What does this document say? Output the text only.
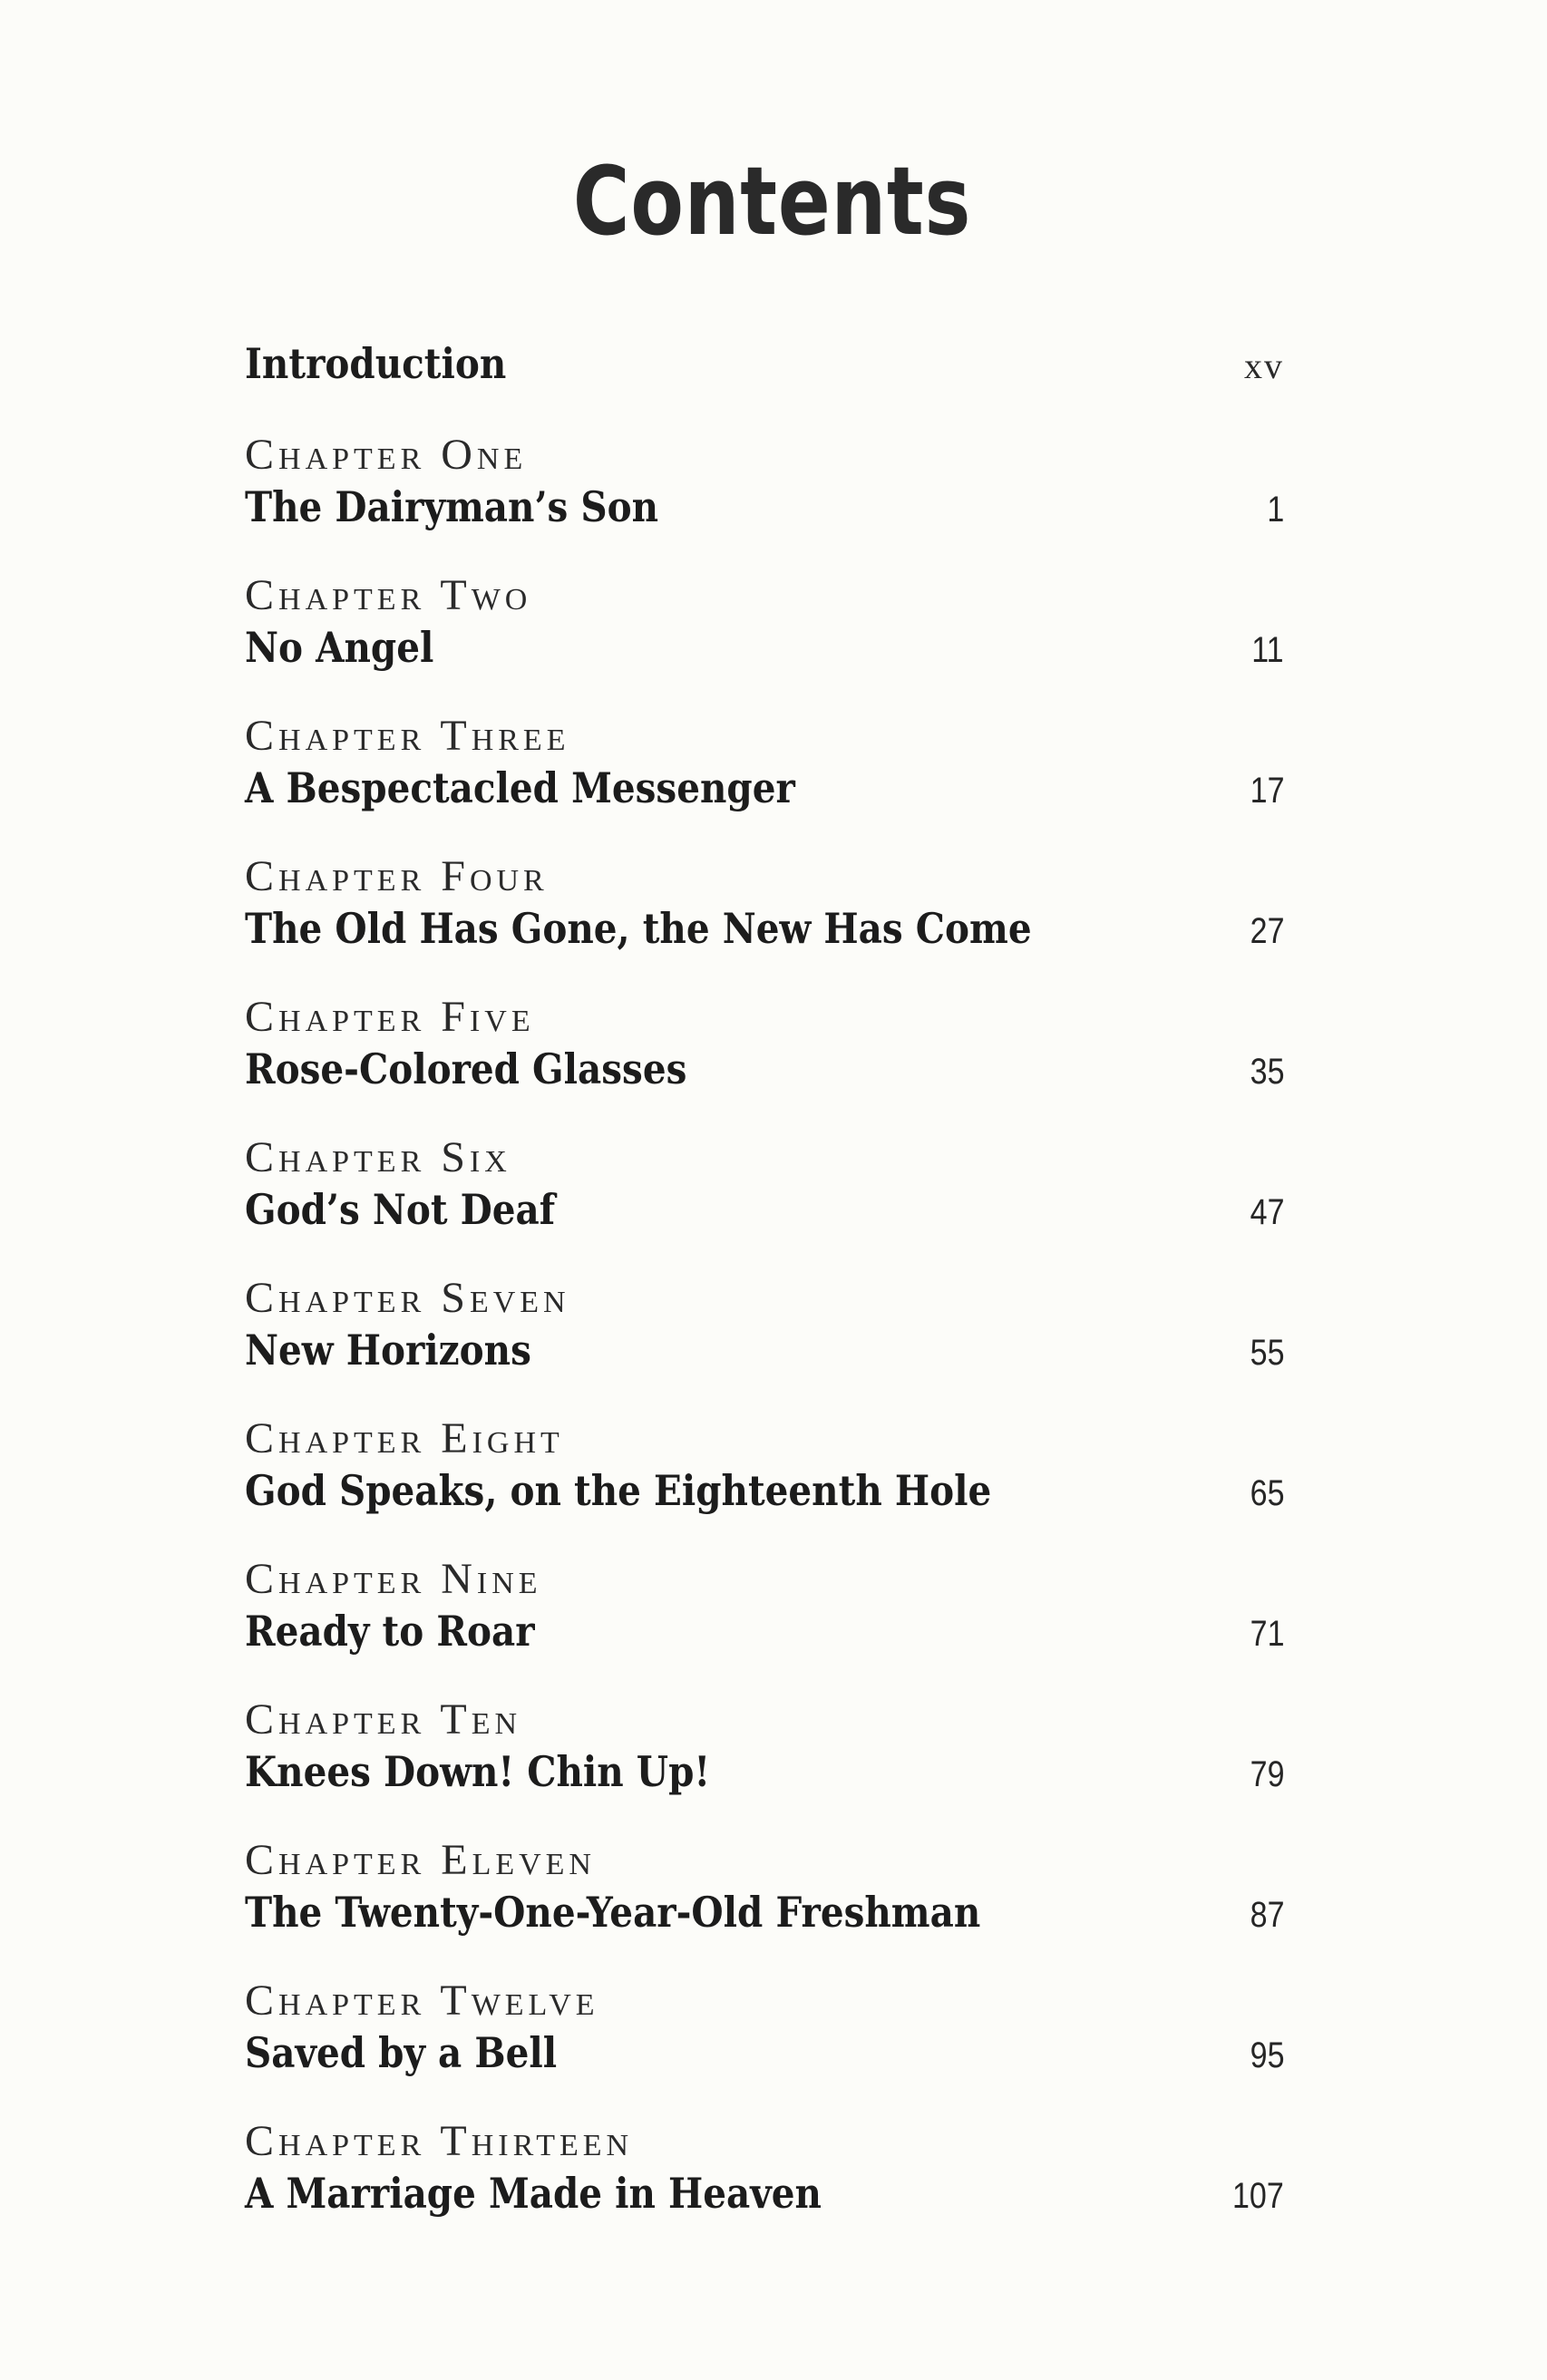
Contents
Introduction	xv
Chapter One
The Dairyman’s Son	1
Chapter Two
No Angel	11
Chapter Three
A Bespectacled Messenger	17
Chapter Four
The Old Has Gone, the New Has Come	27
Chapter Five
Rose-Colored Glasses	35
Chapter Six
God’s Not Deaf	47
Chapter Seven
New Horizons	55
Chapter Eight
God Speaks, on the Eighteenth Hole	65
Chapter Nine
Ready to Roar	71
Chapter Ten
Knees Down! Chin Up!	79
Chapter Eleven
The Twenty-One-Year-Old Freshman	87
Chapter Twelve
Saved by a Bell	95
Chapter Thirteen
A Marriage Made in Heaven	107
